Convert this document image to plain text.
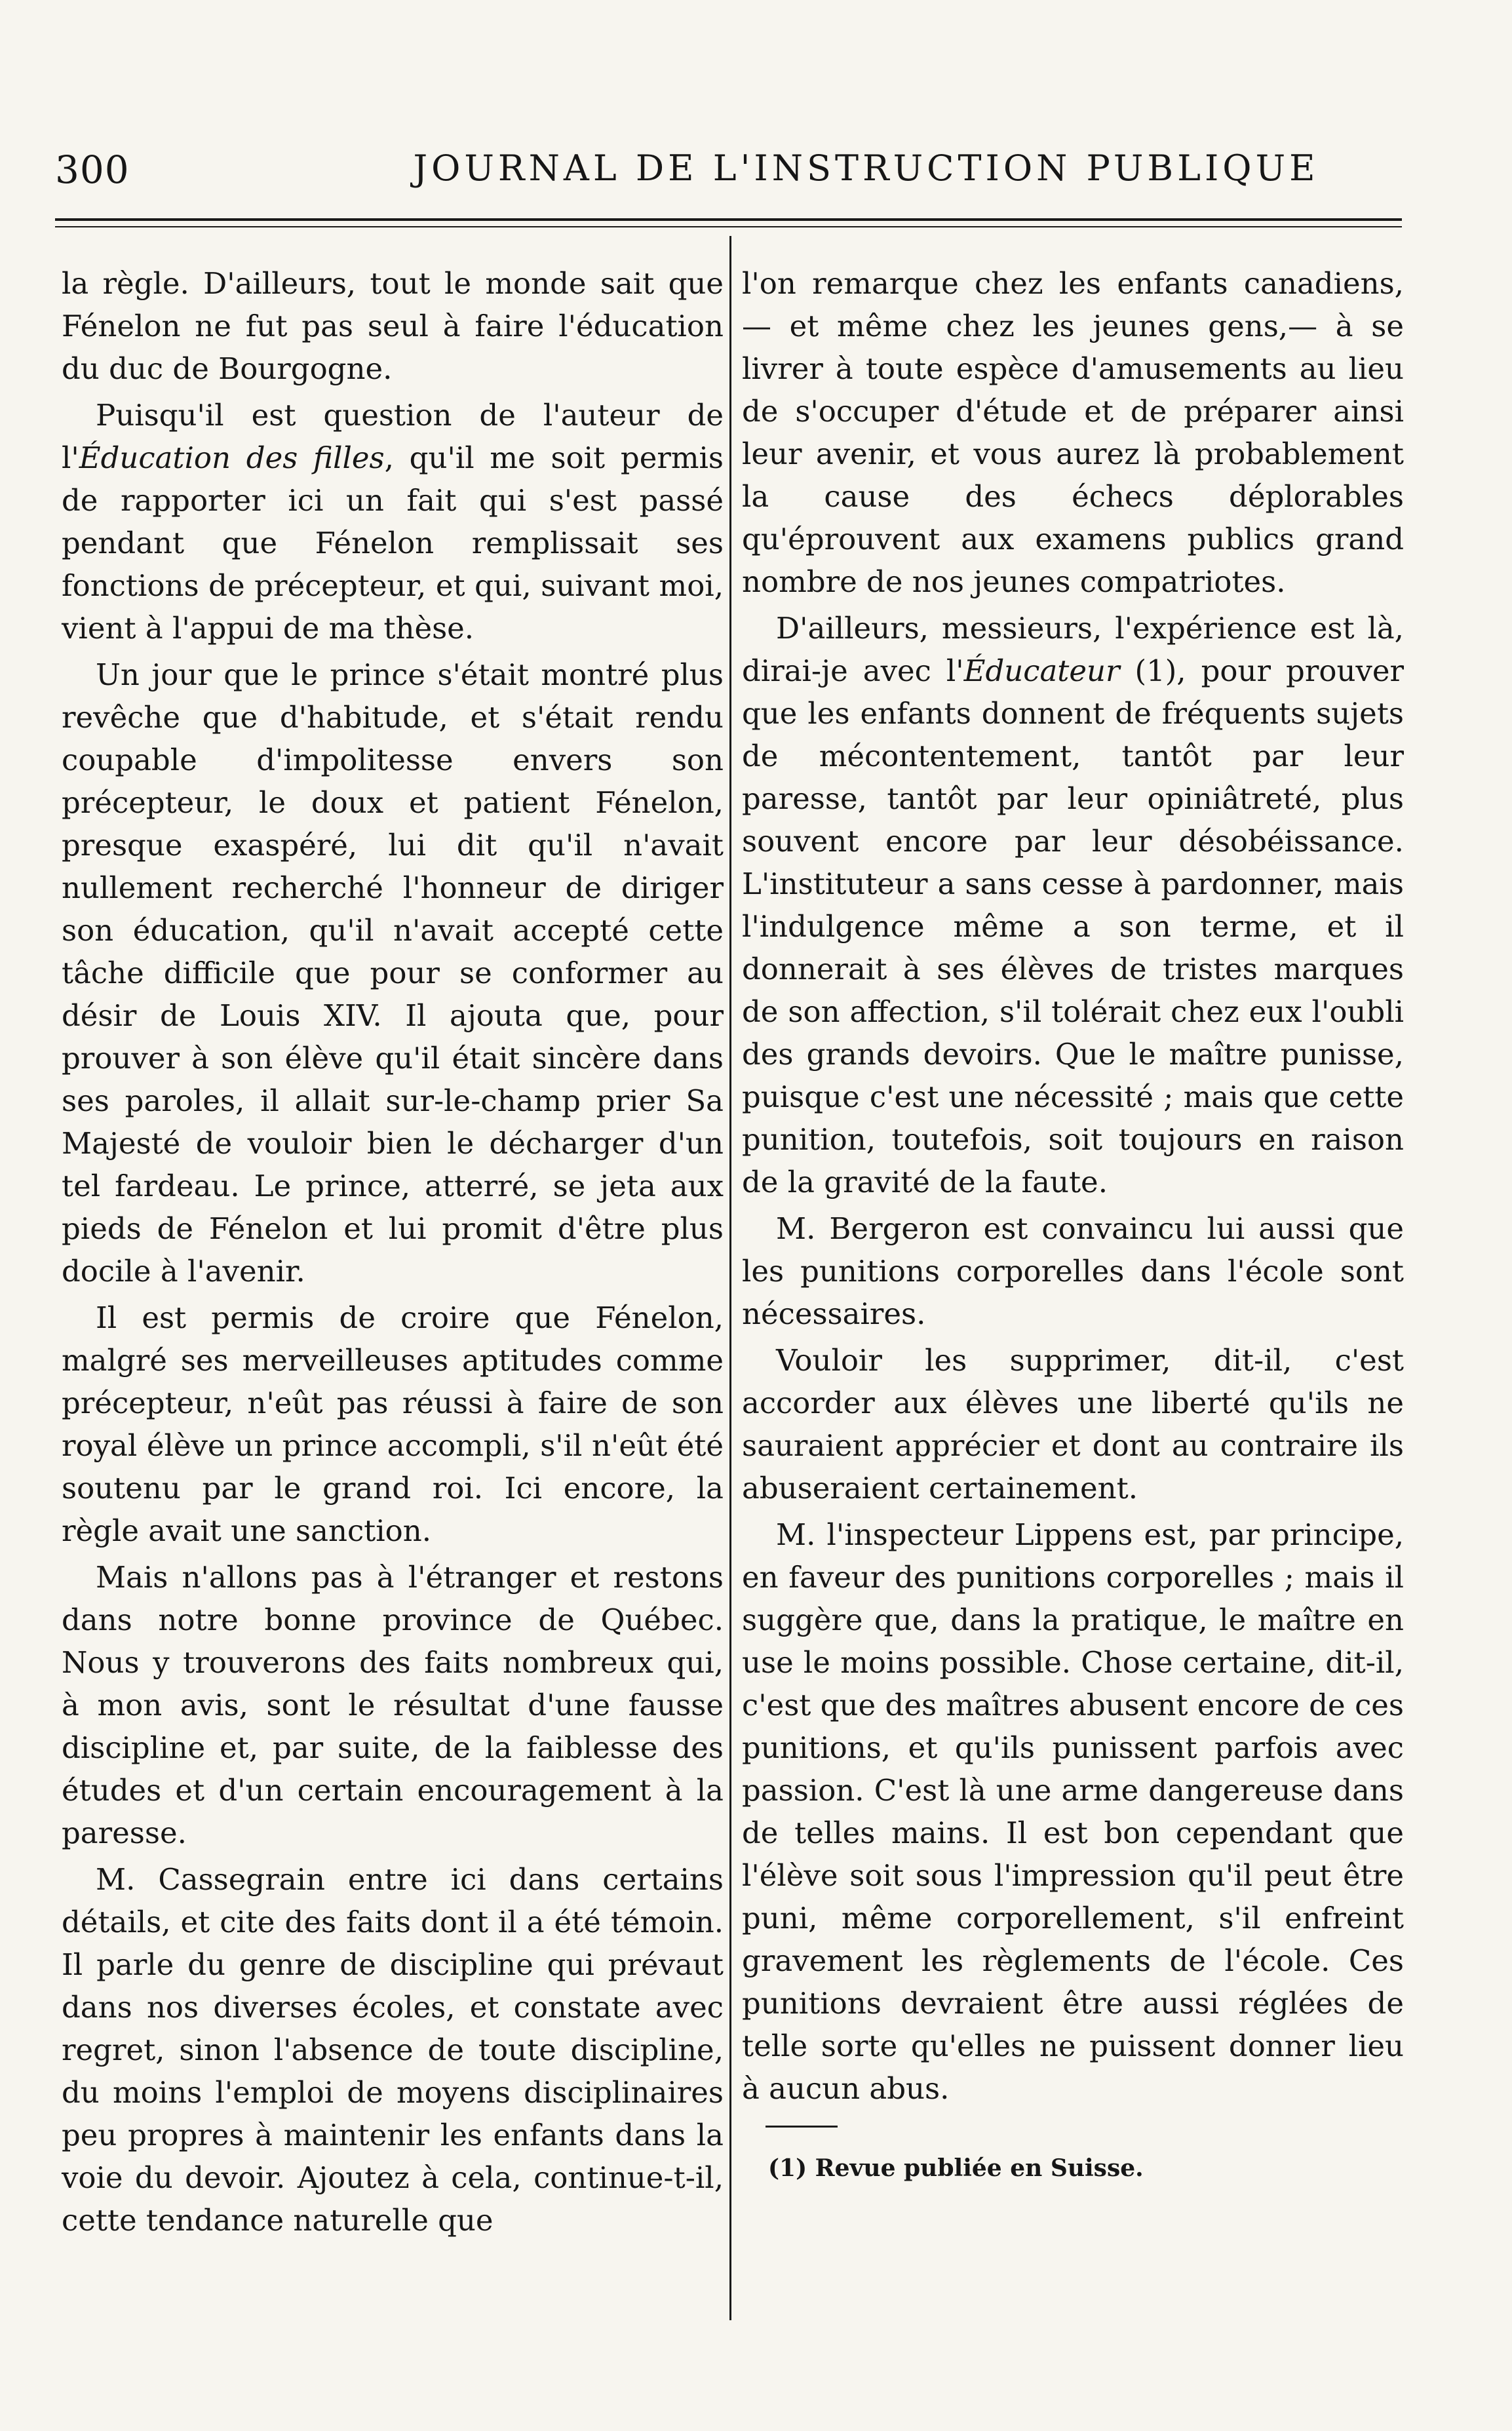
300	JOURNAL DE L'INSTRUCTION PUBLIQUE

la règle. D'ailleurs, tout le monde sait que Fénelon ne fut pas seul à faire l'éducation du duc de Bourgogne.

Puisqu'il est question de l'auteur de l'Éducation des filles, qu'il me soit permis de rapporter ici un fait qui s'est passé pendant que Fénelon remplissait ses fonctions de précepteur, et qui, suivant moi, vient à l'appui de ma thèse.

Un jour que le prince s'était montré plus revêche que d'habitude, et s'était rendu coupable d'impolitesse envers son précepteur, le doux et patient Fénelon, presque exaspéré, lui dit qu'il n'avait nullement recherché l'honneur de diriger son éducation, qu'il n'avait accepté cette tâche difficile que pour se conformer au désir de Louis XIV. Il ajouta que, pour prouver à son élève qu'il était sincère dans ses paroles, il allait sur-le-champ prier Sa Majesté de vouloir bien le décharger d'un tel fardeau. Le prince, atterré, se jeta aux pieds de Fénelon et lui promit d'être plus docile à l'avenir.

Il est permis de croire que Fénelon, malgré ses merveilleuses aptitudes comme précepteur, n'eût pas réussi à faire de son royal élève un prince accompli, s'il n'eût été soutenu par le grand roi. Ici encore, la règle avait une sanction.

Mais n'allons pas à l'étranger et restons dans notre bonne province de Québec. Nous y trouverons des faits nombreux qui, à mon avis, sont le résultat d'une fausse discipline et, par suite, de la faiblesse des études et d'un certain encouragement à la paresse.

M. Cassegrain entre ici dans certains détails, et cite des faits dont il a été témoin. Il parle du genre de discipline qui prévaut dans nos diverses écoles, et constate avec regret, sinon l'absence de toute discipline, du moins l'emploi de moyens disciplinaires peu propres à maintenir les enfants dans la voie du devoir. Ajoutez à cela, continue-t-il, cette tendance naturelle que

l'on remarque chez les enfants canadiens, — et même chez les jeunes gens,— à se livrer à toute espèce d'amusements au lieu de s'occuper d'étude et de préparer ainsi leur avenir, et vous aurez là probablement la cause des échecs déplorables qu'éprouvent aux examens publics grand nombre de nos jeunes compatriotes.

D'ailleurs, messieurs, l'expérience est là, dirai-je avec l'Éducateur (1), pour prouver que les enfants donnent de fréquents sujets de mécontentement, tantôt par leur paresse, tantôt par leur opiniâtreté, plus souvent encore par leur désobéissance. L'instituteur a sans cesse à pardonner, mais l'indulgence même a son terme, et il donnerait à ses élèves de tristes marques de son affection, s'il tolérait chez eux l'oubli des grands devoirs. Que le maître punisse, puisque c'est une nécessité ; mais que cette punition, toutefois, soit toujours en raison de la gravité de la faute.

M. Bergeron est convaincu lui aussi que les punitions corporelles dans l'école sont nécessaires.

Vouloir les supprimer, dit-il, c'est accorder aux élèves une liberté qu'ils ne sauraient apprécier et dont au contraire ils abuseraient certainement.

M. l'inspecteur Lippens est, par principe, en faveur des punitions corporelles ; mais il suggère que, dans la pratique, le maître en use le moins possible. Chose certaine, dit-il, c'est que des maîtres abusent encore de ces punitions, et qu'ils punissent parfois avec passion. C'est là une arme dangereuse dans de telles mains. Il est bon cependant que l'élève soit sous l'impression qu'il peut être puni, même corporellement, s'il enfreint gravement les règlements de l'école. Ces punitions devraient être aussi réglées de telle sorte qu'elles ne puissent donner lieu à aucun abus.

(1) Revue publiée en Suisse.
